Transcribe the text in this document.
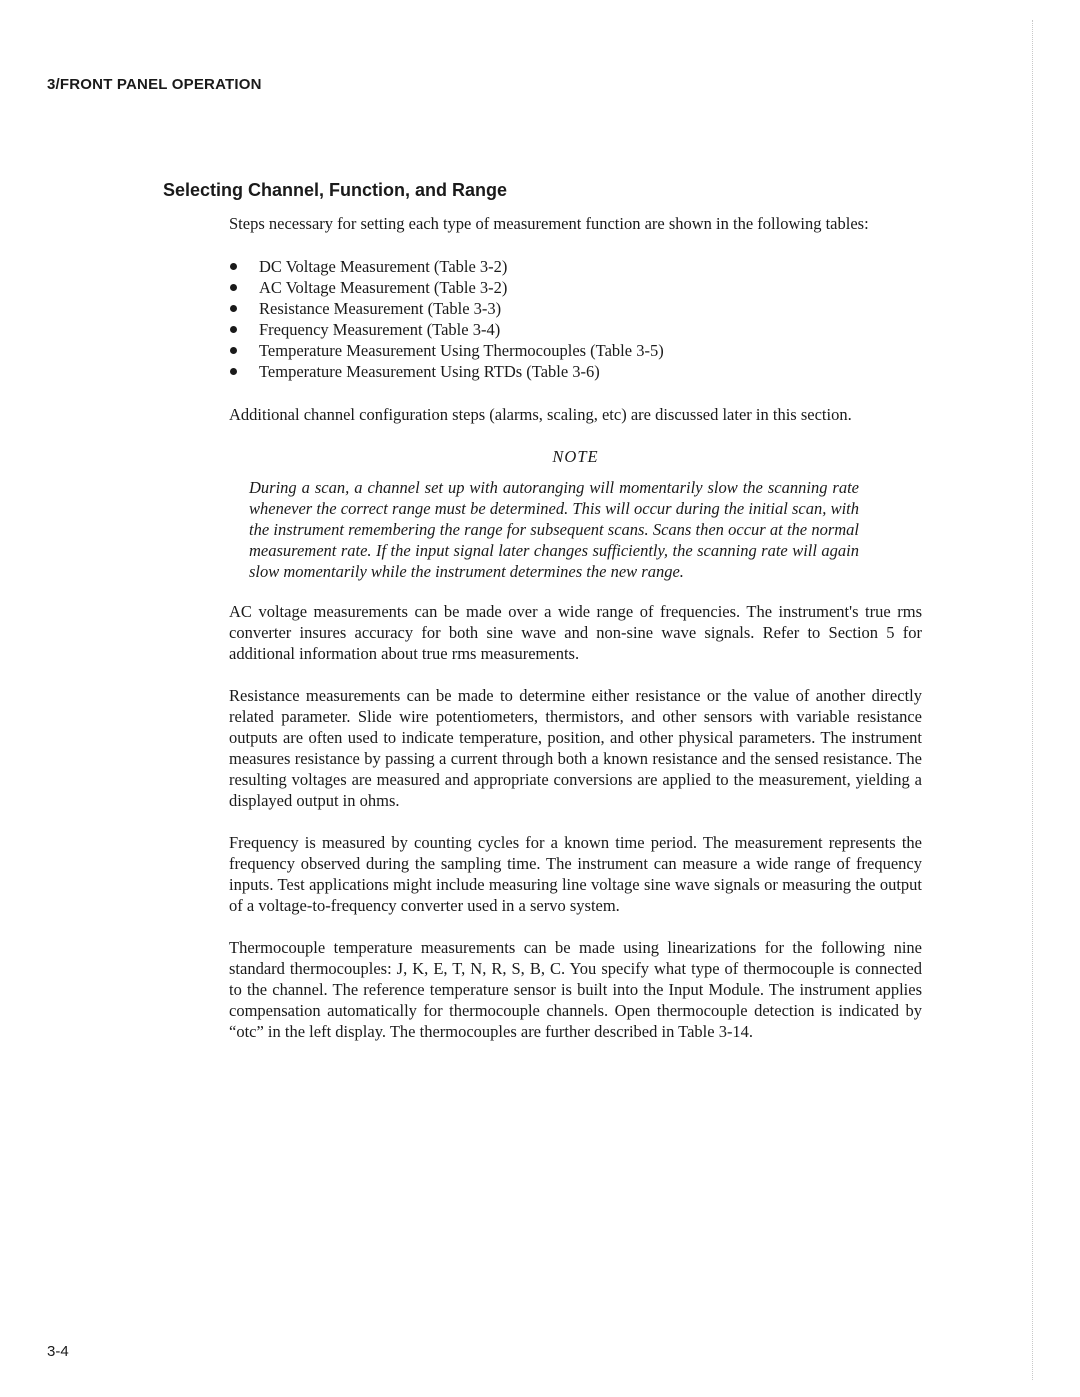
3/FRONT PANEL OPERATION
Selecting Channel, Function, and Range

Steps necessary for setting each type of measurement function are shown in the following tables:

DC Voltage Measurement (Table 3-2)
AC Voltage Measurement (Table 3-2)
Resistance Measurement (Table 3-3)
Frequency Measurement (Table 3-4)
Temperature Measurement Using Thermocouples (Table 3-5)
Temperature Measurement Using RTDs (Table 3-6)

Additional channel configuration steps (alarms, scaling, etc) are discussed later in this section.

NOTE

During a scan, a channel set up with autoranging will momentarily slow the scanning rate whenever the correct range must be determined. This will occur during the initial scan, with the instrument remembering the range for subsequent scans. Scans then occur at the normal measurement rate. If the input signal later changes sufficiently, the scanning rate will again slow momentarily while the instrument determines the new range.

AC voltage measurements can be made over a wide range of frequencies. The instrument's true rms converter insures accuracy for both sine wave and non-sine wave signals. Refer to Section 5 for additional information about true rms measurements.

Resistance measurements can be made to determine either resistance or the value of another directly related parameter. Slide wire potentiometers, thermistors, and other sensors with variable resistance outputs are often used to indicate temperature, position, and other physical parameters. The instrument measures resistance by passing a current through both a known resistance and the sensed resistance. The resulting voltages are measured and appropriate conversions are applied to the measurement, yielding a displayed output in ohms.

Frequency is measured by counting cycles for a known time period. The measurement represents the frequency observed during the sampling time. The instrument can measure a wide range of frequency inputs. Test applications might include measuring line voltage sine wave signals or measuring the output of a voltage-to-frequency converter used in a servo system.

Thermocouple temperature measurements can be made using linearizations for the following nine standard thermocouples: J, K, E, T, N, R, S, B, C. You specify what type of thermocouple is connected to the channel. The reference temperature sensor is built into the Input Module. The instrument applies compensation automatically for thermocouple channels. Open thermocouple detection is indicated by “otc” in the left display. The thermocouples are further described in Table 3-14.

3-4
